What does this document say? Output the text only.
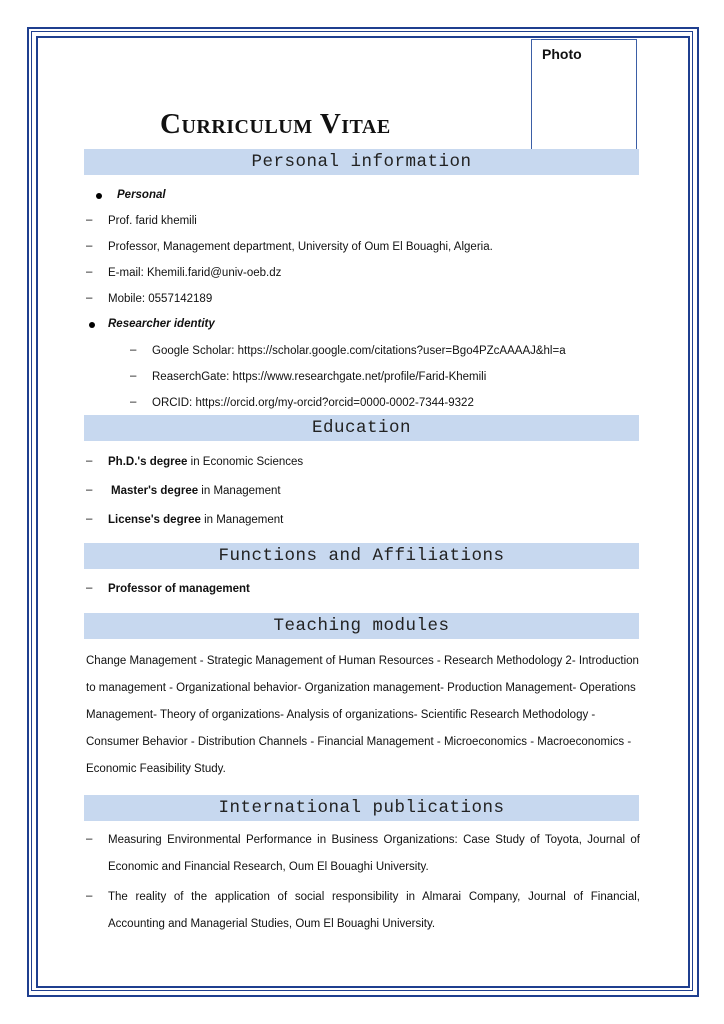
Photo
Curriculum Vitae
Personal information
Personal
– Prof. farid khemili
– Professor, Management department, University of Oum El Bouaghi, Algeria.
– E-mail: Khemili.farid@univ-oeb.dz
– Mobile: 0557142189
Researcher identity
– Google Scholar: https://scholar.google.com/citations?user=Bgo4PZcAAAAJ&hl=a
– ReaserchGate: https://www.researchgate.net/profile/Farid-Khemili
– ORCID: https://orcid.org/my-orcid?orcid=0000-0002-7344-9322
Education
– Ph.D.'s degree in Economic Sciences
– Master's degree in Management
– License's degree in Management
Functions and Affiliations
– Professor of management
Teaching modules
Change Management - Strategic Management of Human Resources - Research Methodology 2- Introduction to management - Organizational behavior- Organization management- Production Management- Operations Management- Theory of organizations- Analysis of organizations- Scientific Research Methodology - Consumer Behavior - Distribution Channels - Financial Management - Microeconomics - Macroeconomics - Economic Feasibility Study.
International publications
– Measuring Environmental Performance in Business Organizations: Case Study of Toyota, Journal of Economic and Financial Research, Oum El Bouaghi University.
– The reality of the application of social responsibility in Almarai Company, Journal of Financial, Accounting and Managerial Studies, Oum El Bouaghi University.
